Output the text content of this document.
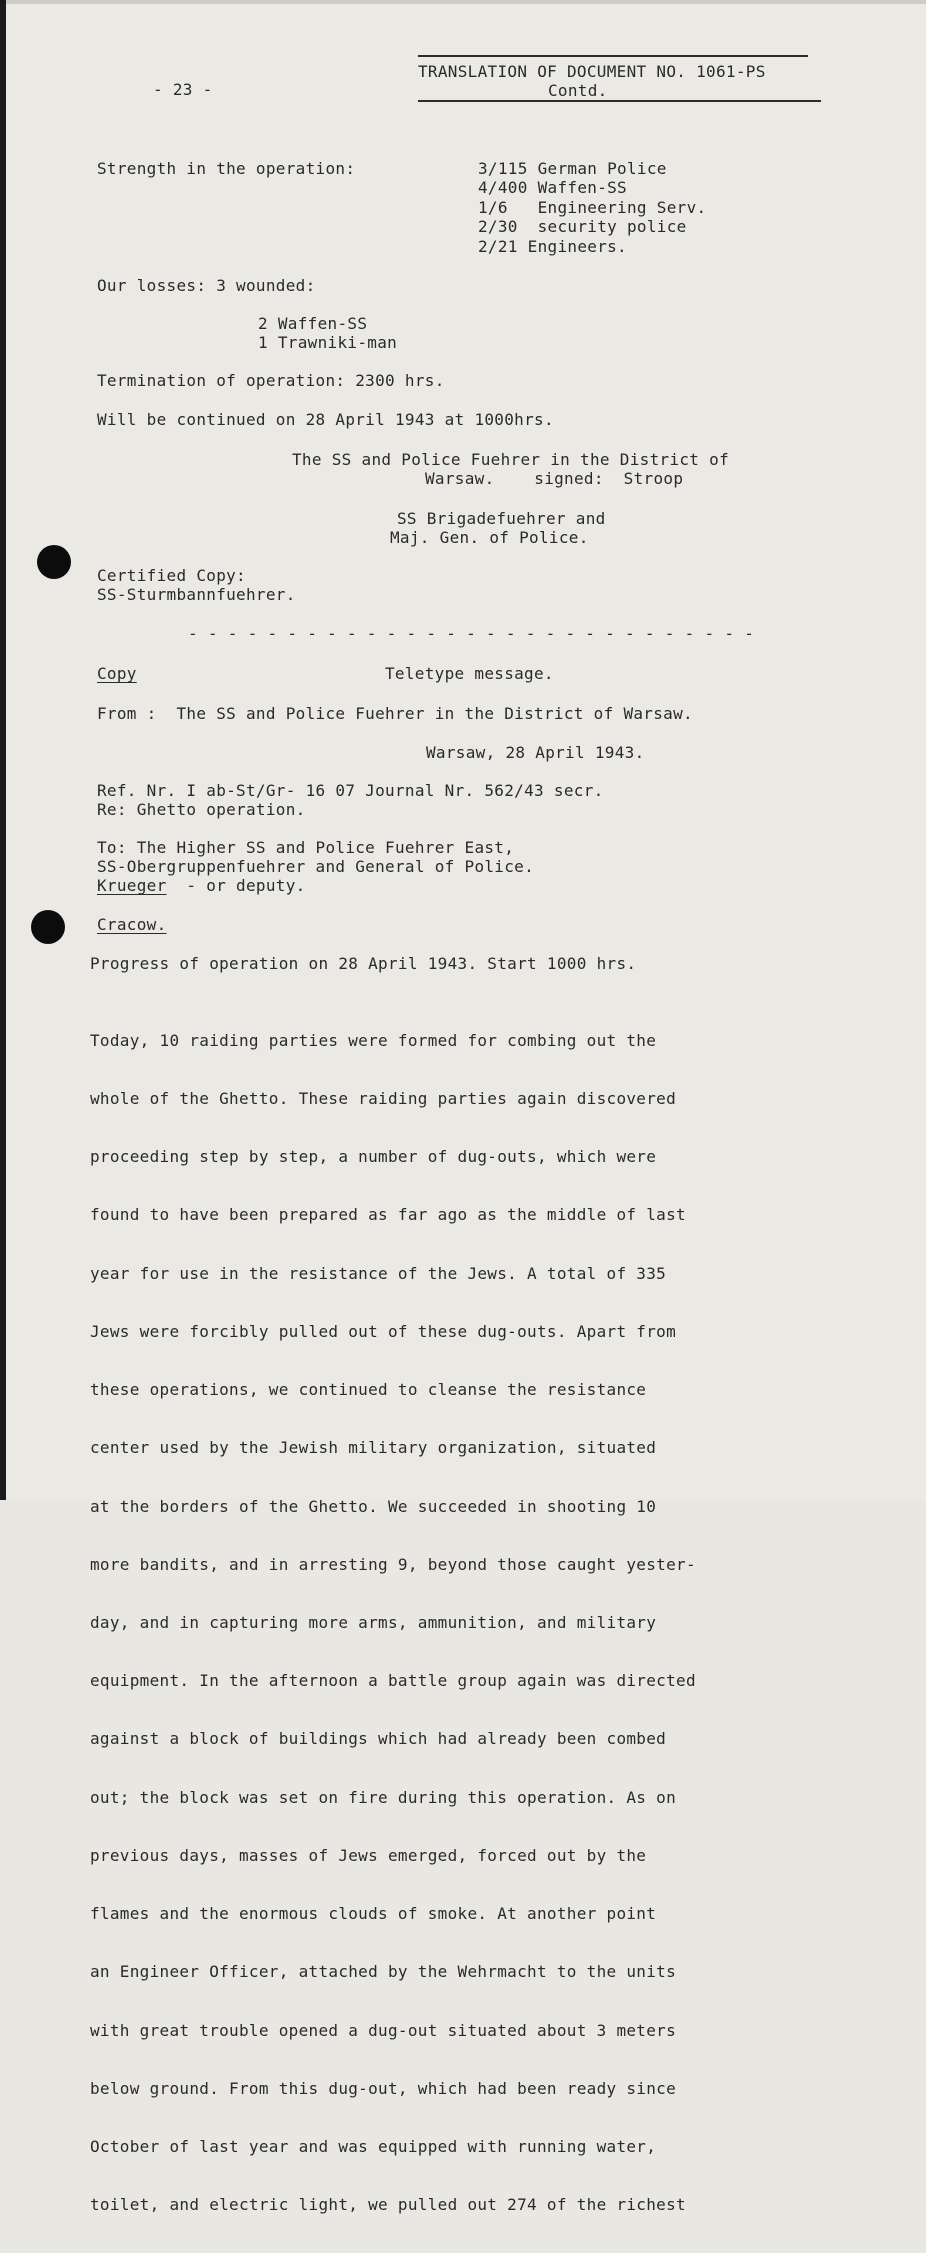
- 23 -
TRANSLATION OF DOCUMENT NO. 1061-PS
Contd.
Strength in the operation:	3/115 German Police
4/400 Waffen-SS
1/6   Engineering Serv.
2/30  security police
2/21 Engineers.
Our losses: 3 wounded:
2 Waffen-SS
1 Trawniki-man
Termination of operation: 2300 hrs.
Will be continued on 28 April 1943 at 1000hrs.
The SS and Police Fuehrer in the District of
Warsaw.    signed:  Stroop
SS Brigadefuehrer and
Maj. Gen. of Police.
Certified Copy:
SS-Sturmbannfuehrer.
- - - - - - - - - - - - - - - - - - - - - - - - - - - - -
Copy	Teletype message.
From :  The SS and Police Fuehrer in the District of Warsaw.
Warsaw, 28 April 1943.
Ref. Nr. I ab-St/Gr- 16 07 Journal Nr. 562/43 secr.
Re: Ghetto operation.
To: The Higher SS and Police Fuehrer East,
SS-Obergruppenfuehrer and General of Police.
Krueger  - or deputy.
Cracow.
Progress of operation on 28 April 1943. Start 1000 hrs.

Today, 10 raiding parties were formed for combing out the

whole of the Ghetto. These raiding parties again discovered

proceeding step by step, a number of dug-outs, which were

found to have been prepared as far ago as the middle of last

year for use in the resistance of the Jews. A total of 335

Jews were forcibly pulled out of these dug-outs. Apart from

these operations, we continued to cleanse the resistance

center used by the Jewish military organization, situated

at the borders of the Ghetto. We succeeded in shooting 10

more bandits, and in arresting 9, beyond those caught yester-

day, and in capturing more arms, ammunition, and military

equipment. In the afternoon a battle group again was directed

against a block of buildings which had already been combed

out; the block was set on fire during this operation. As on

previous days, masses of Jews emerged, forced out by the

flames and the enormous clouds of smoke. At another point

an Engineer Officer, attached by the Wehrmacht to the units

with great trouble opened a dug-out situated about 3 meters

below ground. From this dug-out, which had been ready since

October of last year and was equipped with running water,

toilet, and electric light, we pulled out 274 of the richest
